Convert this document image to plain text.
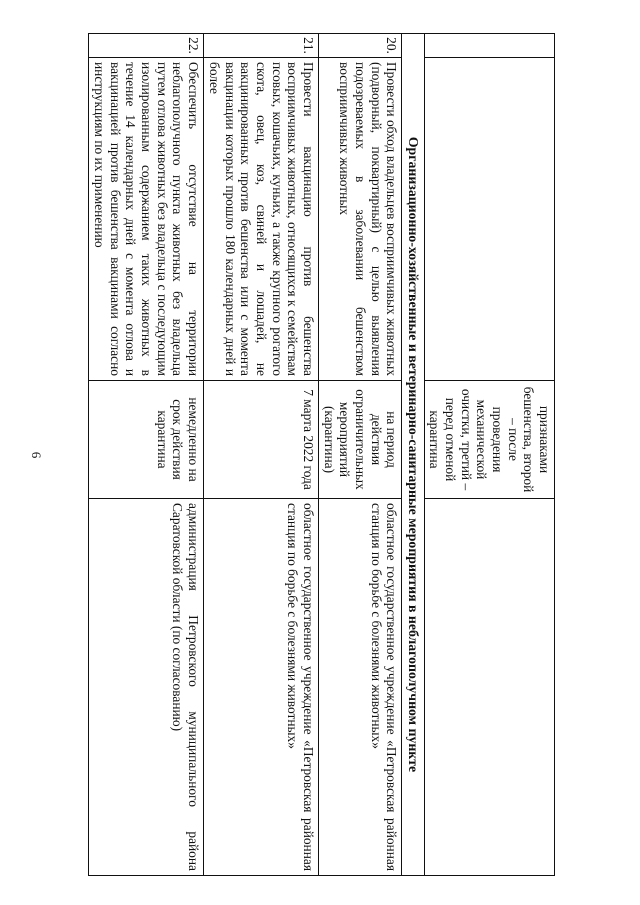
6
			признаками бешенства, второй – после проведения механической очистки, третий – перед отменой карантина	
Организационно-хозяйственные и ветеринарно-санитарные мероприятия в неблагополучном пункте			
20.	Провести обход владельцев восприимчивых животных (подворный, поквартирный) с целью выявления подозреваемых в заболевании бешенством восприимчивых животных	на период действия ограничительных мероприятий (карантина)	областное государственное учреждение «Петровская районная станция по борьбе с болезнями животных»
21.	Провести вакцинацию против бешенства восприимчивых животных, относящихся к семействам псовых, кошачьих, куньих, а также крупного рогатого скота, овец, коз, свиней и лошадей, не вакцинированных против бешенства или с момента вакцинации которых прошло 180 календарных дней и более	7 марта 2022 года	областное государственное учреждение «Петровская районная станция по борьбе с болезнями животных»
22.	Обеспечить отсутствие на территории неблагополучного пункта животных без владельца путем отлова животных без владельца с последующим изолированным содержанием таких животных в течение 14 календарных дней с момента отлова и вакцинацией против бешенства вакцинами согласно инструкциям по их применению	немедленно на срок действия карантина	администрация Петровского муниципального района Саратовской области (по согласованию)
